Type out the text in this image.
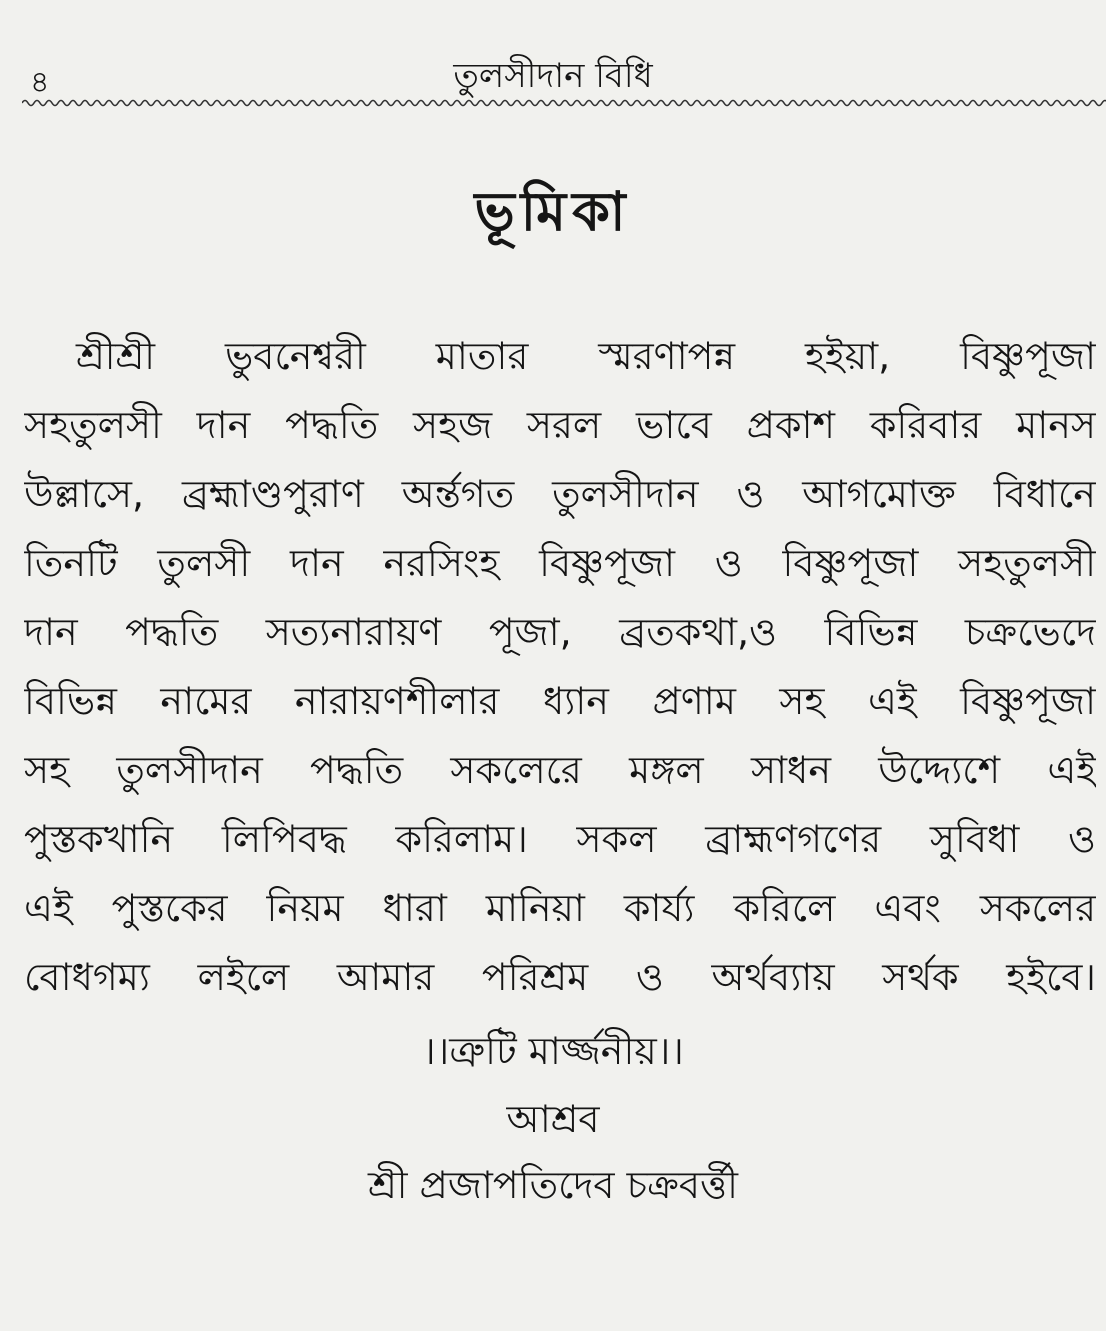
৪	তুলসীদান বিধি
ভূমিকা
শ্রীশ্রী ভুবনেশ্বরী মাতার স্মরণাপন্ন হইয়া, বিষ্ণুপূজা
সহতুলসী দান পদ্ধতি সহজ সরল ভাবে প্রকাশ করিবার মানস
উল্লাসে, ব্রহ্মাণ্ডপুরাণ অর্ন্তগত তুলসীদান ও আগমোক্ত বিধানে
তিনটি তুলসী দান নরসিংহ বিষ্ণুপূজা ও বিষ্ণুপূজা সহতুলসী
দান পদ্ধতি সত্যনারায়ণ পূজা, ব্রতকথা,ও বিভিন্ন চক্রভেদে
বিভিন্ন নামের নারায়ণশীলার ধ্যান প্রণাম সহ এই বিষ্ণুপূজা
সহ তুলসীদান পদ্ধতি সকলেরে মঙ্গল সাধন উদ্দ্যেশে এই
পুস্তকখানি লিপিবদ্ধ করিলাম। সকল ব্রাহ্মণগণের সুবিধা ও
এই পুস্তকের নিয়ম ধারা মানিয়া কার্য্য করিলে এবং সকলের
বোধগম্য লইলে আমার পরিশ্রম ও অর্থব্যায় সর্থক হইবে।
।।ত্রুটি মার্জ্জনীয়।।
আশ্রব
শ্রী প্রজাপতিদেব চক্রবর্ত্তী
